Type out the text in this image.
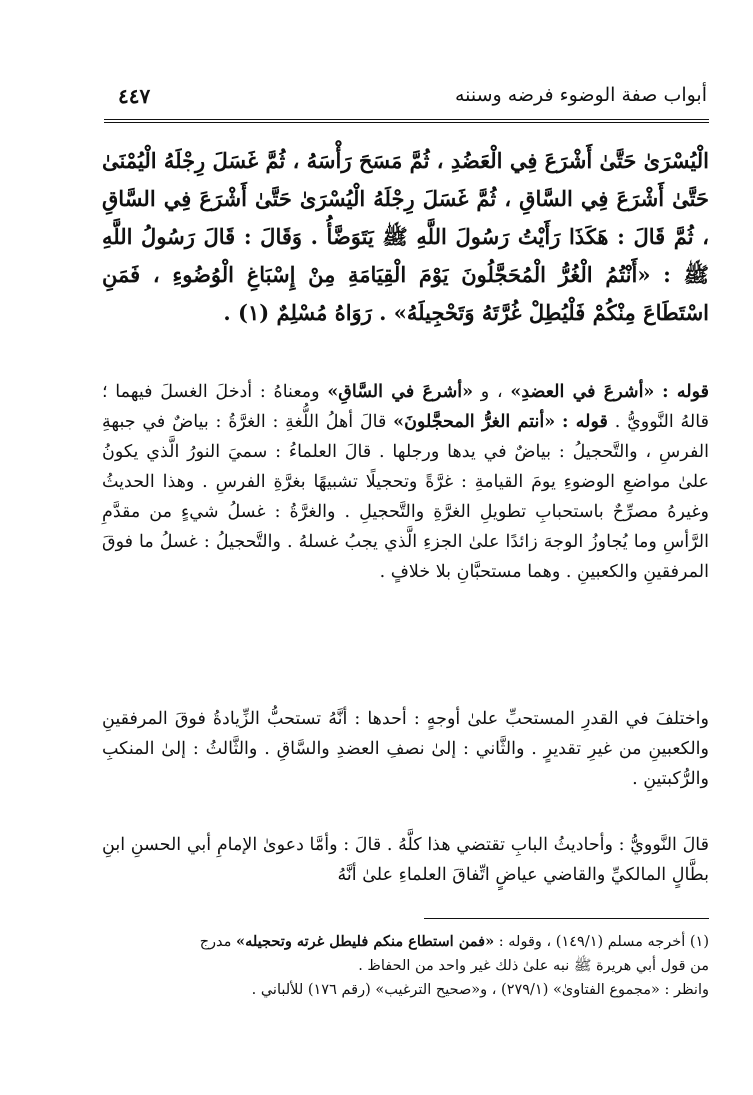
أبواب صفة الوضوء فرضه وسننه
٤٤٧
الْيُسْرَىٰ حَتَّىٰ أَشْرَعَ فِي الْعَضُدِ ، ثُمَّ مَسَحَ رَأْسَهُ ، ثُمَّ غَسَلَ رِجْلَهُ الْيُمْنَىٰ حَتَّىٰ أَشْرَعَ فِي السَّاقِ ، ثُمَّ غَسَلَ رِجْلَهُ الْيُسْرَىٰ حَتَّىٰ أَشْرَعَ فِي السَّاقِ ، ثُمَّ قَالَ : هَكَذَا رَأَيْتُ رَسُولَ اللَّهِ ﷺ يَتَوَضَّأُ . وَقَالَ : قَالَ رَسُولُ اللَّهِ ﷺ : «أَنْتُمُ الْغُرُّ الْمُحَجَّلُونَ يَوْمَ الْقِيَامَةِ مِنْ إِسْبَاغِ الْوُضُوءِ ، فَمَنِ اسْتَطَاعَ مِنْكُمْ فَلْيُطِلْ غُرَّتَهُ وَتَحْجِيلَهُ» . رَوَاهُ مُسْلِمٌ (١) .
قوله : «أشرعَ في العضدِ» ، و «أشرعَ في السَّاقِ» ومعناهُ : أدخلَ الغسلَ فيهما ؛ قالهُ النَّوويُّ . قوله : «أنتم الغرُّ المحجَّلونَ» قالَ أهلُ اللُّغةِ : الغرَّةُ : بياضٌ في جبهةِ الفرسِ ، والتَّحجيلُ : بياضٌ في يدها ورجلها . قالَ العلماءُ : سميَ النورُ الَّذي يكونُ علىٰ مواضعِ الوضوءِ يومَ القيامةِ : غرَّةً وتحجيلًا تشبيهًا بغرَّةِ الفرسِ . وهذا الحديثُ وغيرهُ مصرِّحٌ باستحبابِ تطويلِ الغرَّةِ والتَّحجيلِ . والغرَّةُ : غسلُ شيءٍ من مقدَّمِ الرَّأسِ وما يُجاوزُ الوجهَ زائدًا علىٰ الجزءِ الَّذي يجبُ غسلهُ . والتَّحجيلُ : غسلُ ما فوقَ المرفقينِ والكعبينِ . وهما مستحبَّانِ بلا خلافٍ .
واختلفَ في القدرِ المستحبِّ علىٰ أوجهٍ : أحدها : أنَّهُ تستحبُّ الزِّيادةُ فوقَ المرفقينِ والكعبينِ من غيرِ تقديرٍ . والثَّاني : إلىٰ نصفِ العضدِ والسَّاقِ . والثَّالثُ : إلىٰ المنكبِ والرُّكبتينِ .
قالَ النَّوويُّ : وأحاديثُ البابِ تقتضي هذا كلَّهُ . قالَ : وأمَّا دعوىٰ الإمامِ أبي الحسنِ ابنِ بطَّالٍ المالكيِّ والقاضي عياضٍ اتِّفاقَ العلماءِ علىٰ أنَّهُ
(١) أخرجه مسلم (١٤٩/١) ، وقوله : «فمن استطاع منكم فليطل غرته وتحجيله» مدرج
من قول أبي هريرة ﷺ نبه علىٰ ذلك غير واحد من الحفاظ .
وانظر : «مجموع الفتاوىٰ» (٢٧٩/١) ، و«صحيح الترغيب» (رقم ١٧٦) للألباني .
